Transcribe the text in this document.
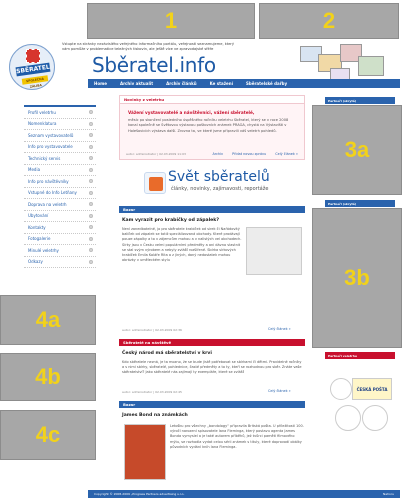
1	2
3a
3b
4a
4b
4c
SBĚRATEL
SPOLEČNÁ ZÁLIBA
Vstupte na stránky nezávislého veřejného informačního portálu, veřejnosti seznamujeme, který vám pomůže v problematice teležných tiskovin, ale ještě více ve zpravodajské sféře
Sběratel.info
Home	Archiv aktualit	Archiv článků	Ke stažení	Sběratelské dařby
Profil veletrhu
Nomenklatura
Seznam vystavovatelů
Info pro vystavovatele
Technický servis
Media
Info pro návštěvníky
Vstupné do Info Letňany
Doprava na veletrh
Ubytování
Kontakty
Fotogalerie
Minulé veletrhy
Odkazy
Novinky z veletrhu
Vážení vystavovatelé a návštěvníci, vážení sběratelé,
měsíc po skončení posledního úspěšného ročníku veletrhu Sběratel, který se v roce 2008 konal společně se Světovou výstavou poštovních známek PRAGA, chystá na Výstavišti v Holešovicích výstava další. Zrovna ta, ve které jsme připravili váš veletrh pohledů.
autor: administrator | 02.03.2009 11:03	Archiv	Přidat novou zprávu	Celý článek »
Svět sběratelů
články, novinky, zajímavosti, reportáže
Bazar
Kam vyrazit pro krabičky od zápalek?
Není zanedbatelné, jo pro sběratele krabiček od sirek či Nařádovitý balíček od zápalek se totiž speciálizovaná obchody. Které prodávají pouze zápalky a to v zájemcům mohou a v nalistých vel obchodech. Sírky jsou v Česku velmi populárními předměty a ani dávno vlastnit se stal svým výrobem a nebyly zvlášť rozšířené. Sbírka sírkových krabiček Emila Koláře Rita a z jiných, daný nedostatek mohou obrázky v uměleckém stylu
autor: administrator | 02.03.2009 02:36	Celý článek »
Sběratelé na návštěvě
Český národ má sběratelství v krvi
Kdo sběratele nezná, je ta mozno, že se bude jistě potřebovat se sbírkami či dětmi. Pravidelné ročníky a s nimi sbírky, sběratelé, pohlednice, časté předměty a to ty, kteří se rozhodnou pro sběr. Znáte vaše sběratelství? Jako sběratelé nás zajímají ty exempláře, které se zvlášť
autor: administrator | 02.03.2009 02:45	Celý článek »
Bazar
James Bond na známkách
Letošku pro všechny „bondology“ připravila Britská pošta. U příležitosti 100. výročí narození spisovatele Iana Fleminga, který postavu agenta James Bonda vymyslel a je také autorem příběhů, jež tvůrci paměti filmového mýtu, se rozhodla vydat celou sérii známek s tituly, které doprovodí obálky původních vydání knih Iana Fleminga.
Partneři (skrytá)
Partneři (skrytá)
Partneři veletrhu
ČESKÁ POŠTA
Copyright © 2008-2009 „Progress Partners advertising s.r.o.	Nahoru
